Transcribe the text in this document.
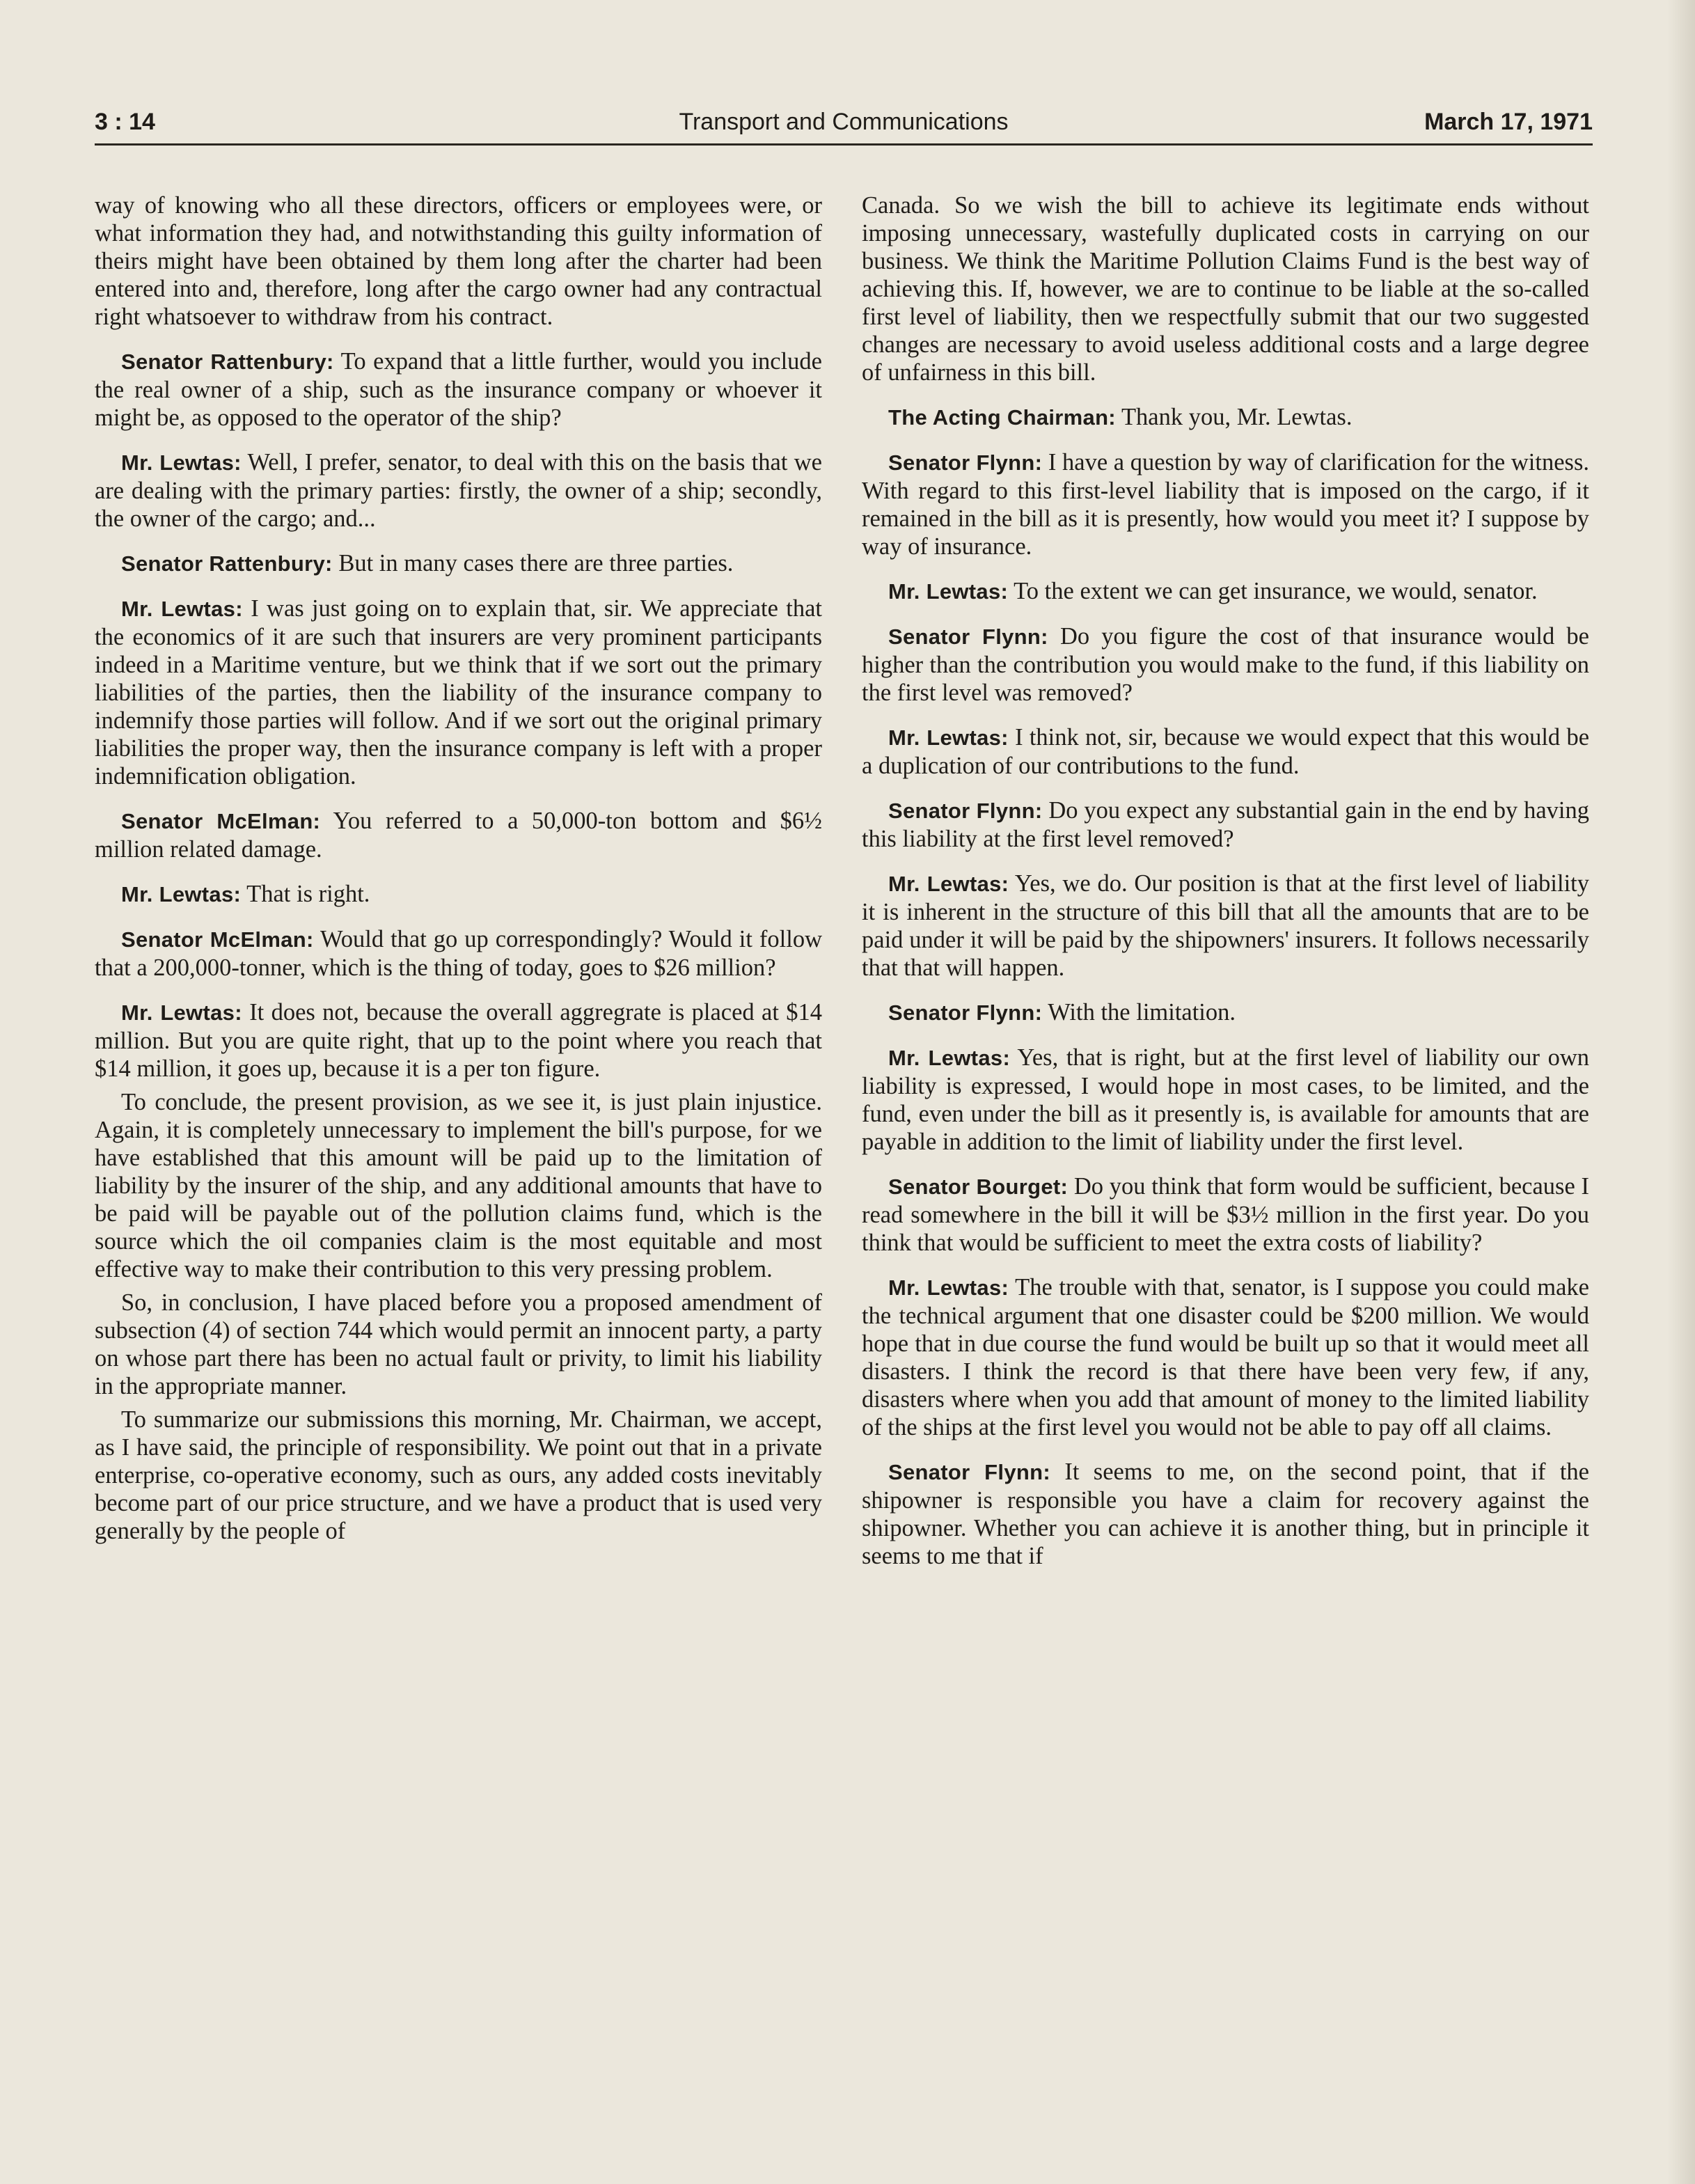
Transport and Communications
3 : 14	March 17, 1971

way of knowing who all these directors, officers or employees were, or what information they had, and notwithstanding this guilty information of theirs might have been obtained by them long after the charter had been entered into and, therefore, long after the cargo owner had any contractual right whatsoever to withdraw from his contract.

Senator Rattenbury: To expand that a little further, would you include the real owner of a ship, such as the insurance company or whoever it might be, as opposed to the operator of the ship?

Mr. Lewtas: Well, I prefer, senator, to deal with this on the basis that we are dealing with the primary parties: firstly, the owner of a ship; secondly, the owner of the cargo; and...

Senator Rattenbury: But in many cases there are three parties.

Mr. Lewtas: I was just going on to explain that, sir. We appreciate that the economics of it are such that insurers are very prominent participants indeed in a Maritime venture, but we think that if we sort out the primary liabilities of the parties, then the liability of the insurance company to indemnify those parties will follow. And if we sort out the original primary liabilities the proper way, then the insurance company is left with a proper indemnification obligation.

Senator McElman: You referred to a 50,000-ton bottom and $6½ million related damage.

Mr. Lewtas: That is right.

Senator McElman: Would that go up correspondingly? Would it follow that a 200,000-tonner, which is the thing of today, goes to $26 million?

Mr. Lewtas: It does not, because the overall aggregrate is placed at $14 million. But you are quite right, that up to the point where you reach that $14 million, it goes up, because it is a per ton figure.

To conclude, the present provision, as we see it, is just plain injustice. Again, it is completely unnecessary to implement the bill's purpose, for we have established that this amount will be paid up to the limitation of liability by the insurer of the ship, and any additional amounts that have to be paid will be payable out of the pollution claims fund, which is the source which the oil companies claim is the most equitable and most effective way to make their contribution to this very pressing problem.

So, in conclusion, I have placed before you a proposed amendment of subsection (4) of section 744 which would permit an innocent party, a party on whose part there has been no actual fault or privity, to limit his liability in the appropriate manner.

To summarize our submissions this morning, Mr. Chairman, we accept, as I have said, the principle of responsibility. We point out that in a private enterprise, co-operative economy, such as ours, any added costs inevitably become part of our price structure, and we have a product that is used very generally by the people of

Canada. So we wish the bill to achieve its legitimate ends without imposing unnecessary, wastefully duplicated costs in carrying on our business. We think the Maritime Pollution Claims Fund is the best way of achieving this. If, however, we are to continue to be liable at the so-called first level of liability, then we respectfully submit that our two suggested changes are necessary to avoid useless additional costs and a large degree of unfairness in this bill.

The Acting Chairman: Thank you, Mr. Lewtas.

Senator Flynn: I have a question by way of clarification for the witness. With regard to this first-level liability that is imposed on the cargo, if it remained in the bill as it is presently, how would you meet it? I suppose by way of insurance.

Mr. Lewtas: To the extent we can get insurance, we would, senator.

Senator Flynn: Do you figure the cost of that insurance would be higher than the contribution you would make to the fund, if this liability on the first level was removed?

Mr. Lewtas: I think not, sir, because we would expect that this would be a duplication of our contributions to the fund.

Senator Flynn: Do you expect any substantial gain in the end by having this liability at the first level removed?

Mr. Lewtas: Yes, we do. Our position is that at the first level of liability it is inherent in the structure of this bill that all the amounts that are to be paid under it will be paid by the shipowners' insurers. It follows necessarily that that will happen.

Senator Flynn: With the limitation.

Mr. Lewtas: Yes, that is right, but at the first level of liability our own liability is expressed, I would hope in most cases, to be limited, and the fund, even under the bill as it presently is, is available for amounts that are payable in addition to the limit of liability under the first level.

Senator Bourget: Do you think that form would be sufficient, because I read somewhere in the bill it will be $3½ million in the first year. Do you think that would be sufficient to meet the extra costs of liability?

Mr. Lewtas: The trouble with that, senator, is I suppose you could make the technical argument that one disaster could be $200 million. We would hope that in due course the fund would be built up so that it would meet all disasters. I think the record is that there have been very few, if any, disasters where when you add that amount of money to the limited liability of the ships at the first level you would not be able to pay off all claims.

Senator Flynn: It seems to me, on the second point, that if the shipowner is responsible you have a claim for recovery against the shipowner. Whether you can achieve it is another thing, but in principle it seems to me that if
